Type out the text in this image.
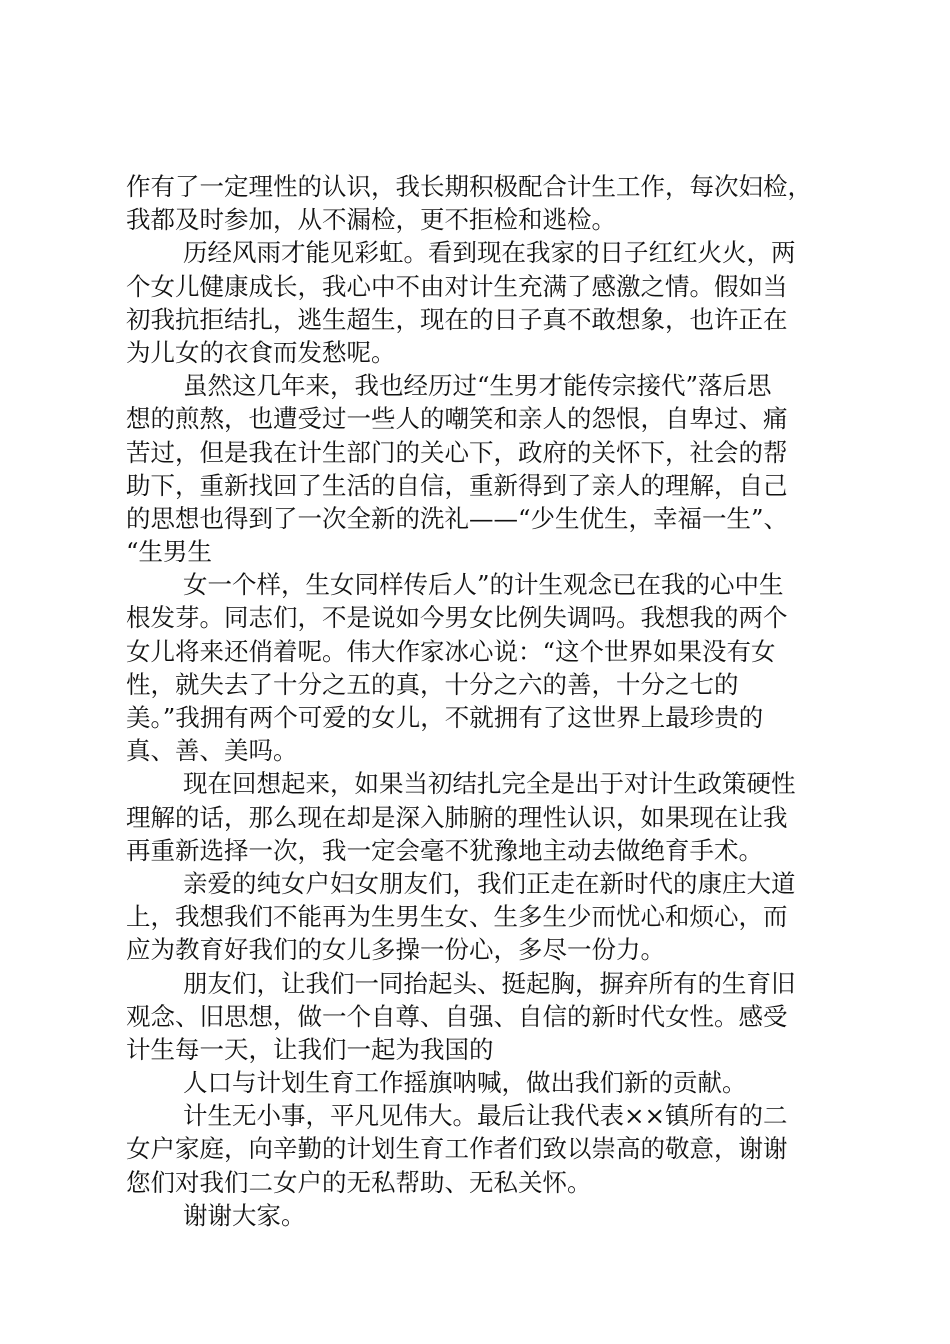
作有了一定理性的认识，我长期积极配合计生工作，每次妇检，
我都及时参加，从不漏检，更不拒检和逃检。
历经风雨才能见彩虹。看到现在我家的日子红红火火，两
个女儿健康成长，我心中不由对计生充满了感激之情。假如当
初我抗拒结扎，逃生超生，现在的日子真不敢想象，也许正在
为儿女的衣食而发愁呢。
虽然这几年来，我也经历过“生男才能传宗接代”落后思
想的煎熬，也遭受过一些人的嘲笑和亲人的怨恨，自卑过、痛
苦过，但是我在计生部门的关心下，政府的关怀下，社会的帮
助下，重新找回了生活的自信，重新得到了亲人的理解，自己
的思想也得到了一次全新的洗礼——“少生优生，幸福一生”、
“生男生
女一个样，生女同样传后人”的计生观念已在我的心中生
根发芽。同志们，不是说如今男女比例失调吗。我想我的两个
女儿将来还俏着呢。伟大作家冰心说：“这个世界如果没有女
性，就失去了十分之五的真，十分之六的善，十分之七的
美。”我拥有两个可爱的女儿，不就拥有了这世界上最珍贵的
真、善、美吗。
现在回想起来，如果当初结扎完全是出于对计生政策硬性
理解的话，那么现在却是深入肺腑的理性认识，如果现在让我
再重新选择一次，我一定会毫不犹豫地主动去做绝育手术。
亲爱的纯女户妇女朋友们，我们正走在新时代的康庄大道
上，我想我们不能再为生男生女、生多生少而忧心和烦心，而
应为教育好我们的女儿多操一份心，多尽一份力。
朋友们，让我们一同抬起头、挺起胸，摒弃所有的生育旧
观念、旧思想，做一个自尊、自强、自信的新时代女性。感受
计生每一天，让我们一起为我国的
人口与计划生育工作摇旗呐喊，做出我们新的贡献。
计生无小事，平凡见伟大。最后让我代表××镇所有的二
女户家庭，向辛勤的计划生育工作者们致以崇高的敬意，谢谢
您们对我们二女户的无私帮助、无私关怀。
谢谢大家。
